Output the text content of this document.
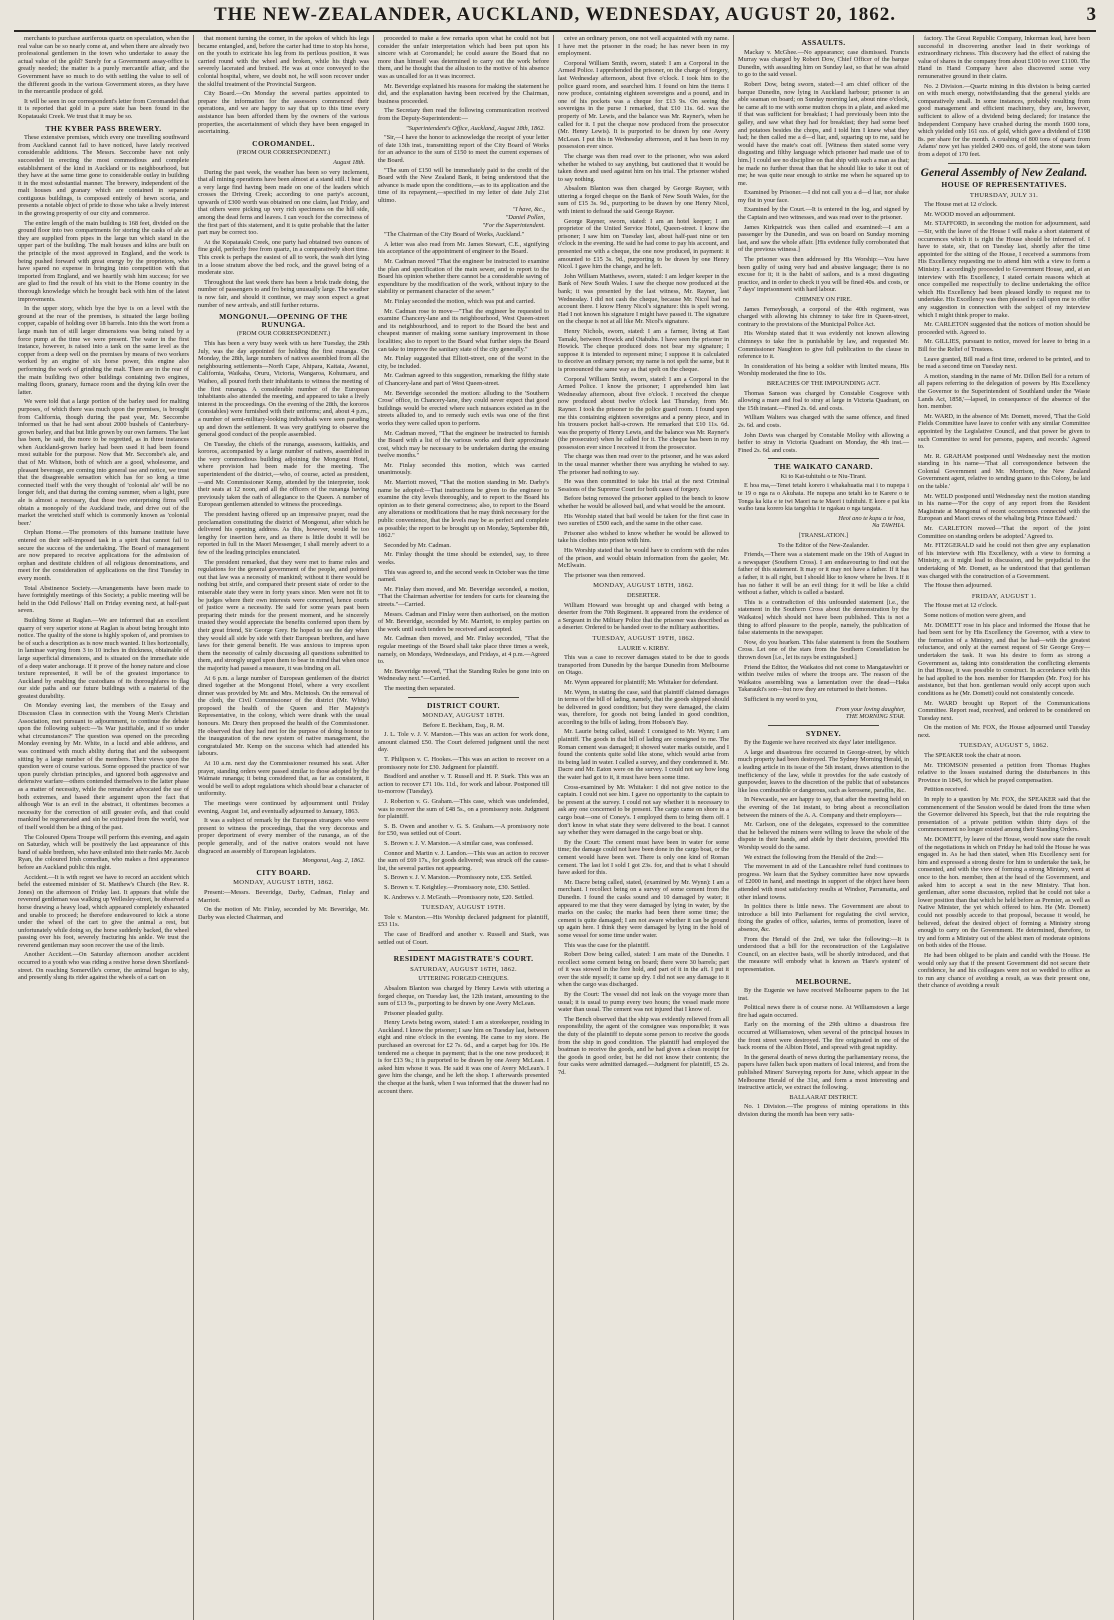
THE NEW-ZEALANDER, AUCKLAND, WEDNESDAY, AUGUST 20, 1862.	3

merchants to purchase auriferous quartz on speculation, when the real value can be so nearly come at, and when there are already two professional gentlemen in the town who undertake to assay the actual value of the gold? Surely for a Government assay-office is greatly needed; the matter is a purely mercantile affair, and the Government have so much to do with settling the value to sell of the different goods in the various Government stores, as they have in the mercantile produce of gold.

It will be seen in our correspondent's letter from Coromandel that it is reported that gold in a pure state has been found in the Kopatauaki Creek. We trust that it may be so.

THE KYBER PASS BREWERY.

These extensive premises, which every one travelling southward from Auckland cannot fail to have noticed, have lately received considerable additions. The Messrs. Seccombe have not only succeeded in erecting the most commodious and complete establishment of the kind in Auckland or its neighbourhood, but they have at the same time gone to considerable outlay in building it in the most substantial manner. The brewery, independent of the malt houses and granary which are contained in separate contiguous buildings, is composed entirely of hewn scoria, and presents a notable object of pride to those who take a lively interest in the growing prosperity of our city and commerce.

The entire length of the main building is 168 feet, divided on the ground floor into two compartments for storing the casks of ale as they are supplied from pipes in the large tun which stand in the upper part of the building. The malt houses and kilns are built on the principle of the most approved in England, and the work is being pushed forward with great energy by the proprietors, who have spared no expense in bringing into competition with that imported from England, and we heartily wish him success; for we are glad to find the result of his visit to the Home country in the thorough knowledge which he brought back with him of the latest improvements.

In the upper story, which bye the bye is on a level with the ground at the rear of the premises, is situated the large boiling copper, capable of holding over 18 barrels. Into this the wort from a large mash tun of still larger dimensions was being raised by a force pump at the time we were present. The water in the first instance, however, is raised into a tank on the same level as the copper from a deep well on the premises by means of two workers worked by an engine of six horse power, this engine also performing the work of grinding the malt. There are in the rear of the main building two other buildings containing two engines, malting floors, granary, furnace room and the drying kiln over the latter.

We were told that a large portion of the barley used for malting purposes, of which there was much upon the premises, is brought from California, though during the past year, Mr. Seccombe informed us that he had sent about 2000 bushels of Canterbury-grown barley, and that but little grown by our own farmers. The last has been, he said, the more to be regretted, as in three instances when Auckland-grown barley had been used it had been found most suitable for the purpose. Now that Mr. Seccombe's ale, and that of Mr. Whitson, both of which are a good, wholesome, and pleasant beverage, are coming into general use and notice, we trust that the disagreeable sensation which has for so long a time connected itself with the very thought of 'colonial ale' will be no longer felt, and that during the coming summer, when a light, pure ale is almost a necessary, that those two enterprising firms will obtain a monopoly of the Auckland trade, and drive out of the market the wretched stuff which is commonly known as 'colonial beer.'

Orphan Home.—The promoters of this humane institute have entered on their self-imposed task in a spirit that cannot fail to secure the success of the undertaking. The Board of management are now prepared to receive applications for the admission of orphan and destitute children of all religious denominations, and meet for the consideration of applications on the first Tuesday in every month.

Total Abstinence Society.—Arrangements have been made to have fortnightly meetings of this Society; a public meeting will be held in the Odd Fellows' Hall on Friday evening next, at half-past seven.

Building Stone at Raglan.—We are informed that an excellent quarry of very superior stone at Raglan is about being brought into notice. The quality of the stone is highly spoken of, and promises to be of such a description as is now much wanted. It lies horizontally, in laminae varying from 3 to 10 inches in thickness, obtainable of large superficial dimensions, and is situated on the immediate side of a deep water anchorage. If it prove of the honey nature and close texture represented, it will be of the greatest importance to Auckland by enabling the custodians of its thoroughfares to flag our side paths and our future buildings with a material of the greatest durability.

On Monday evening last, the members of the Essay and Discussion Class in connection with the Young Men's Christian Association, met pursuant to adjournment, to continue the debate upon the following subject:—'Is War justifiable, and if so under what circumstances?' The question was opened on the preceding Monday evening by Mr. White, in a lucid and able address, and was continued with much ability during that and the subsequent sitting by a large number of the members. Their views upon the question were of course various. Some opposed the practice of war upon purely christian principles, and ignored both aggressive and defensive warfare—others contended themselves to the latter phase as a matter of necessity, while the remainder advocated the use of both extremes, and based their argument upon the fact that although War is an evil in the abstract, it oftentimes becomes a necessity for the correction of still greater evils, and that could mankind be regenerated and sin be extirpated from the world, war of itself would then be a thing of the past.

The Coloured Opera Troupe will perform this evening, and again on Saturday, which will be positively the last appearance of this band of sable brethren, who have enlisted into their ranks Mr. Jacob Ryan, the coloured Irish comedian, who makes a first appearance before an Auckland public this night.

Accident.—It is with regret we have to record an accident which befel the esteemed minister of St. Matthew's Church (the Rev. R. Jones) on the afternoon of Friday last. It appears that while the reverend gentleman was walking up Wellesley-street, he observed a horse drawing a heavy load, which appeared completely exhausted and unable to proceed; he therefore endeavoured to kick a stone under the wheel of the cart to give the animal a rest, but unfortunately while doing so, the horse suddenly backed, the wheel passing over his foot, severely fracturing his ankle. We trust the reverend gentleman may soon recover the use of the limb.

Another Accident.—On Saturday afternoon another accident occurred to a youth who was riding a restive horse down Shortland-street. On reaching Somerville's corner, the animal began to shy, and presently slung its rider against the wheels of a cart on

that moment turning the corner, in the spokes of which his legs became entangled, and, before the carter had time to stop his horse, on the youth to extricate his leg from its perilous position, it was carried round with the wheel and broken, while his thigh was severely lacerated and bruised. He was at once conveyed to the colonial hospital, where, we doubt not, he will soon recover under the skilful treatment of the Provincial Surgeon.

City Board.—On Monday the several parties appointed to prepare the information for the assessors commenced their operations, and we are happy to say that up to this time every assistance has been afforded them by the owners of the various properties, the ascertainment of which they have been engaged in ascertaining.

COROMANDEL.
(FROM OUR CORRESPONDENT.)
August 18th.

During the past week, the weather has been so very inclement, that all mining operations have been almost at a stand still. I hear of a very large find having been made on one of the leaders which crosses the Driving Creek; according to one party's account, upwards of £300 worth was obtained on one claim, last Friday, and that others were picking up very rich specimens on the hill side, among the dead ferns and leaves. I can vouch for the correctness of the first part of this statement, and it is quite probable that the latter part may be correct too.

At the Kopatauaki Creek, one party had obtained two ounces of fine gold, perfectly free from quartz, in a comparatively short time. This creek is perhaps the easiest of all to work, the wash dirt lying in a loose stratum above the bed rock, and the gravel being of a moderate size.

Throughout the last week there has been a brisk trade doing, the number of passengers to and fro being unusually large. The weather is now fair, and should it continue, we may soon expect a great number of new arrivals, and still further returns.

MONGONUI.—OPENING OF THE RUNUNGA.
(FROM OUR CORRESPONDENT.)

This has been a very busy week with us here Tuesday, the 29th July, was the day appointed for holding the first runanga. On Monday, the 28th, large numbers of natives assembled from all the neighbouring settlements—North Cape, Ahipara, Kaitaia, Awanui, California, Waikaha, Oruru, Victoria, Wangaroa, Kohumaru, and Waiheo, all poured forth their inhabitants to witness the meeting of the first runanga. A considerable number of the European inhabitants also attended the meeting, and appeared to take a lively interest in the proceedings. On the evening of the 28th, the kororos (constables) were furnished with their uniforms; and, about 4 p.m., a number of semi-military-looking individuals were seen parading up and down the settlement. It was very gratifying to observe the general good conduct of the people assembled.

On Tuesday, the chiefs of the runanga, assessors, kaitiakis, and kororos, accompanied by a large number of natives, assembled in the very commodious building adjoining the Mongonui Hotel, where provision had been made for the meeting. The superintendent of the district,—who, of course, acted as president,—and Mr. Commissioner Kemp, attended by the interpreter, took their seats at 12 noon, and all the officers of the runanga having previously taken the oath of allegiance to the Queen. A number of European gentlemen attended to witness the proceedings.

The president having offered up an impressive prayer, read the proclamation constituting the district of Mongonui, after which he delivered his opening address. As this, however, would be too lengthy for insertion here, and as there is little doubt it will be reported in full in the Maori Messenger, I shall merely advert to a few of the leading principles enunciated.

The president remarked, that they were met to frame rules and regulations for the general government of the people, and pointed out that law was a necessity of mankind; without it there would be nothing but strife, and compared their present state of order to the miserable state they were in forty years since. Men were not fit to be judges where their own interests were concerned, hence courts of justice were a necessity. He said for some years past been preparing their minds for the present moment, and he sincerely trusted they would appreciate the benefits conferred upon them by their great friend, Sir George Grey. He hoped to see the day when they would all side by side with their European brethren, and have laws for their general benefit. He was anxious to impress upon them the necessity of calmly discussing all questions submitted to them, and strongly urged upon them to bear in mind that when once the majority had passed a measure, it was binding on all.

At 6 p.m. a large number of European gentlemen of the district dined together at the Mongonui Hotel, where a very excellent dinner was provided by Mr. and Mrs. McIntosh. On the removal of the cloth, the Civil Commissioner of the district (Mr. White) proposed the health of the Queen and Her Majesty's Representative, in the colony, which were drank with the usual honours. Mr. Drury then proposed the health of the Commissioner. He observed that they had met for the purpose of doing honour to the inauguration of the new system of native management, the congratulated Mr. Kemp on the success which had attended his labours.

At 10 a.m. next day the Commissioner resumed his seat. After prayer, standing orders were passed similar to those adopted by the Waimate runanga; it being considered that, as far as consistent, it would be well to adopt regulations which should bear a character of uniformity.

The meetings were continued by adjournment until Friday evening, August 1st, and eventually adjourned to January, 1863.

It was a subject of remark by the European strangers who were present to witness the proceedings, that the very decorous and proper deportment of every member of the runanga, as of the people generally, and of the native orators would not have disgraced an assembly of European legislators.

Mongonui, Aug. 2, 1862.
CITY BOARD.
MONDAY, AUGUST 18TH, 1862.

Present:—Messrs. Beveridge, Darby, Cadman, Finlay and Marriott.

On the motion of Mr. Finlay, seconded by Mr. Beveridge, Mr. Darby was elected Chairman, and

proceeded to make a few remarks upon what he could not but consider the unfair interpretation which had been put upon his sincere wish at Coromandel; he could assure the Board that no more than himself was determined to carry out the work before them, and he thought that the allusion to the motive of his absence was as uncalled for as it was incorrect.

Mr. Beveridge explained his reasons for making the statement he did, and the explanation having been received by the Chairman, business proceeded.

The Secretary then read the following communication received from the Deputy-Superintendent:—

"Superintendent's Office, Auckland, August 18th, 1862.

"Sir,—I have the honor to acknowledge the receipt of your letter of date 13th inst., transmitting report of the City Board of Works for an advance to the sum of £150 to meet the current expenses of the Board.

"The sum of £150 will be immediately paid to the credit of the Board with the New Zealand Bank, it being understood that the advance is made upon the conditions,—as to its application and the time of its repayment,—specified in my letter of date July 21st ultimo.

"I have, &c.,
"Daniel Pollen,
"For the Superintendent.

"The Chairman of the City Board of Works, Auckland."

A letter was also read from Mr. James Stewart, C.E., signifying his acceptance of the appointment of engineer to the Board.

Mr. Cadman moved "That the engineer be instructed to examine the plan and specification of the main sewer, and to report to the Board his opinion whether there cannot be a considerable saving of expenditure by the modification of the work, without injury to the stability or permanent character of the sewer."

Mr. Finlay seconded the motion, which was put and carried.

Mr. Cadman rose to move—"That the engineer be requested to examine Chancery-lane and its neighbourhood, West Queen-street and its neighbourhood, and to report to the Board the best and cheapest manner of making some sanitary improvement in those localities; also to report to the Board what further steps the Board can take to improve the sanitary state of the city generally."

Mr. Finlay suggested that Elliott-street, one of the worst in the city, be included.

Mr. Cadman agreed to this suggestion, remarking the filthy state of Chancery-lane and part of West Queen-street.

Mr. Beveridge seconded the motion: alluding to the 'Southern Cross' office, in Chancery-lane, they could never expect that good buildings would be erected where such nuisances existed as in the streets alluded to, and to remedy such evils was one of the first works they were called upon to perform.

Mr. Cadman moved, "That the engineer be instructed to furnish the Board with a list of the various works and their approximate cost, which may be necessary to be undertaken during the ensuing twelve months."

Mr. Finlay seconded this motion, which was carried unanimously.

Mr. Marriott moved, "That the motion standing in Mr. Darby's name be adopted:—That instructions be given to the engineer to examine the city levels thoroughly, and to report to the Board his opinion as to their general correctness; also, to report to the Board any alterations or modifications that he may think necessary for the public convenience, that the levels may be as perfect and complete as possible; the report to be brought up on Monday, September 8th, 1862."

Seconded by Mr. Cadman.

Mr. Finlay thought the time should be extended, say, to three weeks.

This was agreed to, and the second week in October was the time named.

Mr. Finlay then moved, and Mr. Beveridge seconded, a motion, "That the Chairman advertise for tenders for carts for cleansing the streets."—Carried.

Messrs. Cadman and Finlay were then authorised, on the motion of Mr. Beveridge, seconded by Mr. Marriott, to employ parties on the work until such tenders be received and accepted.

Mr. Cadman then moved, and Mr. Finlay seconded, "That the regular meetings of the Board shall take place three times a week, namely, on Mondays, Wednesdays, and Fridays, at 4 p.m.—Agreed to.

Mr. Beveridge moved, "That the Standing Rules be gone into on Wednesday next."—Carried.

The meeting then separated.

DISTRICT COURT.
MONDAY, AUGUST 18TH.
Before E. Beckham, Esq., R. M.

J. L. Tole v. J. V. Marston.—This was an action for work done, amount claimed £50. The Court deferred judgment until the next day.

T. Philipson v. C. Hookes.—This was an action to recover on a promissory note for £30. Judgment for plaintiff.

Bradford and another v. T. Russell and H. P. Stark. This was an action to recover £71 10s. 11d., for work and labour. Postponed till to-morrow (Tuesday).

J. Roberton v. G. Graham.—This case, which was undefended, was to recover the sum of £48 5s., on a promissory note. Judgment for plaintiff.

S. B. Owen and another v. G. S. Graham.—A promissory note for £50, was settled out of Court.

S. Brown v. J. V. Marston.—A similar case, was confessed.

Connor and Martin v. J. Landon.—This was an action to recover the sum of £69 17s., for goods delivered; was struck off the cause-list, the several parties not appearing.

S. Brown v. J. V. Marston.—Promissory note, £35. Settled.

S. Brown v. T. Keightley.—Promissory note, £30. Settled.

K. Andrews v. J. McGrath.—Promissory note, £20. Settled.

TUESDAY, AUGUST 19TH.

Tole v. Marston.—His Worship declared judgment for plaintiff, £53 11s.

The case of Bradford and another v. Russell and Stark, was settled out of Court.

RESIDENT MAGISTRATE'S COURT.
SATURDAY, AUGUST 16TH, 1862.
UTTERING FORGED CHEQUES.

Absalom Blanton was charged by Henry Lewis with uttering a forged cheque, on Tuesday last, the 12th instant, amounting to the sum of £13 9s., purporting to be drawn by one Avery McLean.

Prisoner pleaded guilty.

Henry Lewis being sworn, stated: I am a storekeeper, residing in Auckland. I know the prisoner; I saw him on Tuesday last, between eight and nine o'clock in the evening. He came to my store. He purchased an overcoat for £2 7s. 6d., and a carpet bag for 10s. He tendered me a cheque in payment; that is the one now produced; it is for £13 9s.; it is purported to be drawn by one Avery McLean. I asked him whose it was. He said it was one of Avery McLean's. I gave him the change, and he left the shop. I afterwards presented the cheque at the bank, when I was informed that the drawer had no account there.

ceive an ordinary person, one not well acquainted with my name. I have met the prisoner in the road; he has never been in my employment.

Corporal William Smith, sworn, stated: I am a Corporal in the Armed Police. I apprehended the prisoner, on the charge of forgery, last Wednesday afternoon, about five o'clock. I took him to the police guard room, and searched him. I found on him the items I now produce, containing eighteen sovereigns and a pound, and in one of his pockets was a cheque for £13 9s. On seeing the sovereigns in the purse I remarked, that £10 11s. 6d. was the property of Mr. Lewis, and the balance was Mr. Rayner's, when he called for it. I put the cheque now produced from the prosecutor (Mr. Henry Lewis). It is purported to be drawn by one Avery McLean. I put this in Wednesday afternoon, and it has been in my possession ever since.

The charge was then read over to the prisoner, who was asked whether he wished to say anything, but cautioned that it would be taken down and used against him on his trial. The prisoner wished to say nothing.

Absalom Blanton was then charged by George Rayner, with uttering a forged cheque on the Bank of New South Wales, for the sum of £15 3s. 9d., purporting to be drawn by one Henry Nicol, with intent to defraud the said George Rayner.

George Rayner, sworn, stated: I am an hotel keeper; I am proprietor of the United Service Hotel, Queen-street. I know the prisoner; I saw him on Tuesday last, about half-past nine or ten o'clock in the evening. He said he had come to pay his account, and presented me with a cheque, the one now produced, in payment: it amounted to £15 3s. 9d., purporting to be drawn by one Henry Nicol. I gave him the change, and he left.

John William Matthews, sworn, stated: I am ledger keeper in the Bank of New South Wales. I saw the cheque now produced at the bank; it was presented by the last witness, Mr. Rayner, last Wednesday. I did not cash the cheque, because Mr. Nicol had no account there. I know Henry Nicol's signature: this is spelt wrong. Had I not known his signature I might have passed it. The signature on the cheque is not at all like Mr. Nicol's signature.

Henry Nichols, sworn, stated: I am a farmer, living at East Tamaki, between Howick and Otahuhu. I have seen the prisoner in Howick. The cheque produced does not bear my signature; I suppose it is intended to represent mine; I suppose it is calculated to deceive an ordinary person; my name is not spelt the same, but it is pronounced the same way as that spelt on the cheque.

Corporal William Smith, sworn, stated: I am a Corporal in the Armed Police. I know the prisoner; I apprehended him last Wednesday afternoon, about five o'clock. I received the cheque now produced about twelve o'clock last Thursday, from Mr. Rayner. I took the prisoner to the police guard room. I found upon me this containing eighteen sovereigns and a penny piece, and in his trousers pocket half-a-crown. He remarked that £10 11s. 6d. was the property of Henry Lewis, and the balance was Mr. Rayner's (the prosecutor) when he called for it. The cheque has been in my possession ever since I received it from the prosecutor.

The charge was then read over to the prisoner, and he was asked in the usual manner whether there was anything he wished to say. The prisoner had nothing to say.

He was then committed to take his trial at the next Criminal Sessions of the Supreme Court for both cases of forgery.

Before being removed the prisoner applied to the bench to know whether he would be allowed bail, and what would be the amount.

His Worship stated that bail would be taken for the first case in two sureties of £500 each, and the same in the other case.

Prisoner also wished to know whether he would be allowed to take his clothes into prison with him.

His Worship stated that he would have to conform with the rules of the prison, and would obtain information from the gaoler, Mr. McElwain.

The prisoner was then removed.

MONDAY, AUGUST 18TH, 1862.
DESERTER.

William Howard was brought up and charged with being a deserter from the 70th Regiment. It appeared from the evidence of a Sergeant in the Military Police that the prisoner was described as a deserter. Ordered to be handed over to the military authorities.

TUESDAY, AUGUST 19TH, 1862.
LAURIE v. KIRBY.

This was a case to recover damages stated to be due to goods transported from Dunedin by the barque Dunedin from Melbourne on Otago.

Mr. Wynn appeared for plaintiff; Mr. Whitaker for defendant.

Mr. Wynn, in stating the case, said that plaintiff claimed damages in terms of the bill of lading, namely, that the goods shipped should be delivered in good condition; but they were damaged, the claim was, therefore, for goods not being landed in good condition, according to the bills of lading, from Hobson's Bay.

Mr. Laurie being called, stated: I consigned to Mr. Wynn; I am plaintiff. The goods in that bill of lading are consigned to me. The Roman cement was damaged; it showed water marks outside, and I found the contents quite solid like stone, which would arise from its being laid in water. I called a survey, and they condemned it. Mr. Dacre and Mr. Eaton were on the survey. I could not say how long the water had got to it, it must have been some time.

Cross-examined by Mr. Whitaker: I did not give notice to the captain. I could not see him. I gave no opportunity to the captain to be present at the survey. I could not say whether it is necessary to ask any one concerned to be present. The cargo came on shore in a cargo boat—one of Coney's. I employed them to bring them off. I don't know in what state they were delivered to the boat. I cannot say whether they were damaged in the cargo boat or ship.

By the Court: The cement must have been in water for some time; the damage could not have been done in the cargo boat, or the cement would have been wet. There is only one kind of Roman cement. The last lot I sold I got 23s. for, and that is what I should have asked for this.

Mr. Dacre being called, stated, (examined by Mr. Wynn): I am a merchant. I recollect being on a survey of some cement from the Dunedin. I found the casks sound and 10 damaged by water; it appeared to me that they were damaged by lying in water, by the marks on the casks; the marks had been there some time; the cement is quite damaged; I am not aware whether it can be ground up again here. I think they were damaged by lying in the hold of some vessel for some time under water.

This was the case for the plaintiff.

Robert Dow being called, stated: I am mate of the Dunedin. I recollect some cement being on board; there were 30 barrels; part of it was stowed in the fore hold, and part of it in the aft. I put it over the side myself; it came up dry. I did not see any damage to it when the cargo was discharged.

By the Court: The vessel did not leak on the voyage more than usual; it is usual to pump every two hours; the vessel made more water than usual. The cement was not injured that I know of.

The Bench observed that the ship was evidently relieved from all responsibility, the agent of the consignee was responsible; it was the duty of the plaintiff to depute some person to receive the goods from the ship in good condition. The plaintiff had employed the boatman to receive the goods, and he had given a clean receipt for the goods in good order, but he did not know their contents; the four casks were admitted damaged.—Judgment for plaintiff, £5 2s. 7d.

ASSAULTS.

Mackay v. McGhee.—No appearance; case dismissed. Francis Murray was charged by Robert Dow, Chief Officer of the barque Dunedin, with assaulting him on Sunday last, so that he was afraid to go to the said vessel.

Robert Dow, being sworn, stated:—I am chief officer of the barque Dunedin, now lying in Auckland harbour; prisoner is an able seaman on board; on Sunday morning last, about nine o'clock, he came aft to me with some mutton chops in a plate, and asked me if that was sufficient for breakfast; I had previously been into the galley, and saw what they had for breakfast; they had some beef and potatoes besides the chops, and I told him I knew what they had; he then called me a d—d liar, and, squaring up to me, said he would have the mate's coat off. [Witness then stated some very disgusting and filthy language which prisoner had made use of to him.] I could see no discipline on that ship with such a man as that; he made no further threat than that he should like to take it out of me; he was quite near enough to strike me when he squared up to me.

Examined by Prisoner.—I did not call you a d—d liar, nor shake my fist in your face.

Examined by the Court.—It is entered in the log, and signed by the Captain and two witnesses, and was read over to the prisoner.

James Kirkpatrick was then called and examined:—I am a passenger by the Dunedin, and was on board on Sunday morning last, and saw the whole affair. [His evidence fully corroborated that of the previous witness.]

The prisoner was then addressed by His Worship:—You have been guilty of using very bad and abusive language; there is no excuse for it; it is the habit of sailors, and is a most disgusting practice, and in order to check it you will be fined 40s. and costs, or 7 days' imprisonment with hard labour.

CHIMNEY ON FIRE.

James Ferneybough, a corporal of the 40th regiment, was charged with allowing his chimney to take fire in Queen-street, contrary to the provisions of the Municipal Police Act.

His Worship stated that it was evidently not known allowing chimneys to take fire is punishable by law, and requested Mr. Commissioner Naughton to give full publication to the clause in reference to it.

In consideration of his being a soldier with limited means, His Worship moderated the fine to 10s.

BREACHES OF THE IMPOUNDING ACT.

Thomas Sanson was charged by Constable Cosgrove with allowing a mare and foal to stray at large in Victoria Quadrant, on the 15th instant.—Fined 2s. 6d. and costs.

William Walters was charged with the same offence, and fined 2s. 6d. and costs.

John Davis was charged by Constable Molloy with allowing a heifer to stray in Victoria Quadrant on Monday, the 4th inst.—Fined 2s. 6d. and costs.

THE WAIKATO CANARD.
Ki to Kai-tuhituhi o te Niu-Tirani.

E hoa ma,—Tenei tetahi korero i whakahuatia mai i to nupepa i te 19 o nga ra o Akuhata. He nupepa ano tetahi ko te Karere o te Tonga ka kiia e te iwi Maori na te Maori i tuhituhi. E kore e pai kia waiho taua korero kia tangohia i te ngakau o nga tangata.

Heoi ano te kupu a te hoa,
Na TAWHIA.
[TRANSLATION.]
To the Editor of the New-Zealander.

Friends,—There was a statement made on the 19th of August in a newspaper (Southern Cross). I am endeavouring to find out the father of this statement. It may or it may not have a father. If it has a father, it is all right, but I should like to know where he lives. If it has no father it will be an evil thing; for it will be like a child without a father, which is called a bastard.

This is a contradiction of this unfounded statement [i.e., the statement in the Southern Cross about the demonstration by the Waikatos] which should not have been published. This is not a thing to afford pleasure to the people, namely, the publication of false statements in the newspaper.

Now, do you hearken. This false statement is from the Southern Cross. Let one of the stars from the Southern Constellation be thrown down [i.e., let its rays be extinguished.]

Friend the Editor, the Waikatos did not come to Mangatawhiri or within twelve miles of where the troops are. The reason of the Waikatos assembling was a lamentation over the dead—Haka Takarauki's son—but now they are returned to their homes.

Sufficient is my word to you,

From your loving daughter,
THE MORNING STAR.
SYDNEY.

By the Eugenie we have received six days' later intelligence.

A large and disastrous fire occurred in George-street, by which much property had been destroyed. The Sydney Morning Herald, in a leading article in its issue of the 5th instant, draws attention to the inefficiency of the law, while it provides for the safe custody of gunpowder, leaves to the discretion of the public that of substances like less combustible or dangerous, such as kerosene, paraffin, &c.

In Newcastle, we are happy to say, that after the meeting held on the evening of the 1st instant, to bring about a reconciliation between the miners of the A. A. Company and their employers—

Mr. Carlson, one of the delegates, expressed to the committee that he believed the miners were willing to leave the whole of the dispute in their hands, and abide by their decision, provided His Worship would do the same.

We extract the following from the Herald of the 2nd:—

The movement in aid of the Lancashire relief fund continues to progress. We learn that the Sydney committee have now upwards of £2000 in hand, and meetings in support of the object have been attended with most satisfactory results at Windsor, Parramatta, and other inland towns.

In politics there is little news. The Government are about to introduce a bill into Parliament for regulating the civil service, fixing the grades of office, salaries, terms of promotion, leave of absence, &c.

From the Herald of the 2nd, we take the following:—It is understood that a bill for the reconstruction of the Legislative Council, on an elective basis, will be shortly introduced, and that the measure will embody what is known as 'Hare's system' of representation.

MELBOURNE.

By the Eugenie we have received Melbourne papers to the 1st inst.

Political news there is of course none. At Williamstown a large fire had again occurred.

Early on the morning of the 29th ultimo a disastrous fire occurred at Williamstown, when several of the principal houses in the front street were destroyed. The fire originated in one of the back rooms of the Albion Hotel, and spread with great rapidity.

In the general dearth of news during the parliamentary recess, the papers have fallen back upon matters of local interest, and from the published Miners' Surveying reports for June, which appear in the Melbourne Herald of the 31st, and form a most interesting and instructive article, we extract the following.

BALLAARAT DISTRICT.

No. 1 Division.—The progress of mining operations in this division during the month has been very satis-

factory. The Great Republic Company, Inkerman lead, have been successful in discovering another lead in their workings of extraordinary richness. This discovery had the effect of raising the value of shares in the company from about £100 to over £1100. The Hand in Hand Company have also discovered some very remunerative ground in their claim.

No. 2 Division.—Quartz mining in this division is being carried on with much energy, notwithstanding that the general yields are comparatively small. In some instances, probably resulting from good management and efficient machinery, they are, however, sufficient to allow of a dividend being declared; for instance the Independent Company have crushed during the month 1600 tons, which yielded only 161 ozs. of gold, which gave a dividend of £198 8s. per share for the month. A crushing of 800 tons of quartz from Adams' now yet has yielded 2400 ozs. of gold, the stone was taken from a depot of 170 feet.

General Assembly of New Zealand.
HOUSE OF REPRESENTATIVES.
THURSDAY, JULY 31.

The House met at 12 o'clock.

Mr. WOOD moved an adjournment.

Mr. STAFFORD, in seconding the motion for adjournment, said—Sir, with the leave of the House I will make a short statement of occurrences which it is right the House should be informed of. I have to state, sir, that on Tuesday last, shortly after the time appointed for the sitting of the House, I received a summons from His Excellency requesting me to attend him with a view to form a Ministry. I accordingly proceeded to Government House, and, at an interview with His Excellency, I stated certain reasons which at once compelled me respectfully to decline undertaking the office which His Excellency had been pleased kindly to request me to undertake. His Excellency was then pleased to call upon me to offer any suggestion in connection with the subject of my interview which I might think proper to make.

Mr. CARLETON suggested that the notices of motion should be proceeded with. Agreed to.

Mr. GILLIES, pursuant to notice, moved for leave to bring in a Bill for the Relief of Trustees.

Leave granted, Bill read a first time, ordered to be printed, and to be read a second time on Tuesday next.

A motion, standing in the name of Mr. Dillon Bell for a return of all papers referring to the delegation of powers by His Excellency the Governor to the Superintendent of Southland under the 'Waste Lands Act, 1858,'—lapsed, in consequence of the absence of the hon. member.

Mr. WARD, in the absence of Mr. Domett, moved, 'That the Gold Fields Committee have leave to confer with any similar Committee appointed by the Legislative Council, and that power be given to such Committee to send for persons, papers, and records.' Agreed to.

Mr. R. GRAHAM postponed until Wednesday next the motion standing in his name—'That all correspondence between the Colonial Government and Mr. Morrison, the New Zealand Government agent, relative to sending guano to this Colony, be laid on the table.'

Mr. WELD postponed until Wednesday next the motion standing in his name—'For the copy of any report from the Resident Magistrate at Mongonui of recent occurrences connected with the European and Maori crews of the whaling brig Prince Edward.'

Mr. CARLETON moved—'That the report of the joint Committee on standing orders be adopted.' Agreed to.

Mr. FITZGERALD said he could not then give any explanation of his interview with His Excellency, with a view to forming a Ministry, as it might lead to discussion, and be prejudicial to the undertaking of Mr. Domett, as he understood that that gentleman was charged with the construction of a Government.

The House then adjourned.

FRIDAY, AUGUST 1.

The House met at 12 o'clock.

Some notices of motion were given, and

Mr. DOMETT rose in his place and informed the House that he had been sent for by His Excellency the Governor, with a view to the formation of a Ministry, and that he had—with the greatest reluctance, and only at the earnest request of Sir George Grey—undertaken the task. It was his desire to form as strong a Government as, taking into consideration the conflicting elements in that House, it was possible to construct. In accordance with this he had applied to the hon. member for Hampden (Mr. Fox) for his assistance, but that hon. gentleman would only accept upon such conditions as he (Mr. Domett) could not consistently concede.

Mr. WARD brought up Report of the Communications Committee. Report read, received, and ordered to be considered on Tuesday next.

On the motion of Mr. FOX, the House adjourned until Tuesday next.

TUESDAY, AUGUST 5, 1862.

The SPEAKER took the chair at noon.

Mr. THOMSON presented a petition from Thomas Hughes relative to the losses sustained during the disturbances in this Province in 1845, for which he prayed compensation.

Petition received.

In reply to a question by Mr. FOX, the SPEAKER said that the commencement of the Session would be dated from the time when the Governor delivered his Speech, but that the rule requiring the presentation of a private petition within thirty days of the commencement no longer existed among their Standing Orders.

Mr. DOMETT, by leave of the House, would now state the result of the negotiations in which on Friday he had told the House he was engaged in. As he had then stated, when His Excellency sent for him and expressed a strong desire for him to undertake the task, he consented, and with the view of forming a strong Ministry, went at once to the hon. member, then at the head of the Government, and asked him to accept a seat in the new Ministry. That hon. gentleman, after some discussion, replied that he could not take a lower position than that which he held before as Premier, as well as Native Minister, the yet which offered to him. He (Mr. Domett) could not possibly accede to that proposal, because it would, he believed, defeat the desired object of forming a Ministry strong enough to carry on the Government. He determined, therefore, to try and form a Ministry out of the ablest men of moderate opinions on both sides of the House.

He had been obliged to be plain and candid with the House. He would only say that if the present Government did not secure their confidence, he and his colleagues were not so wedded to office as to run any chance of avoiding a result, as was their present one, their chance of avoiding a result
